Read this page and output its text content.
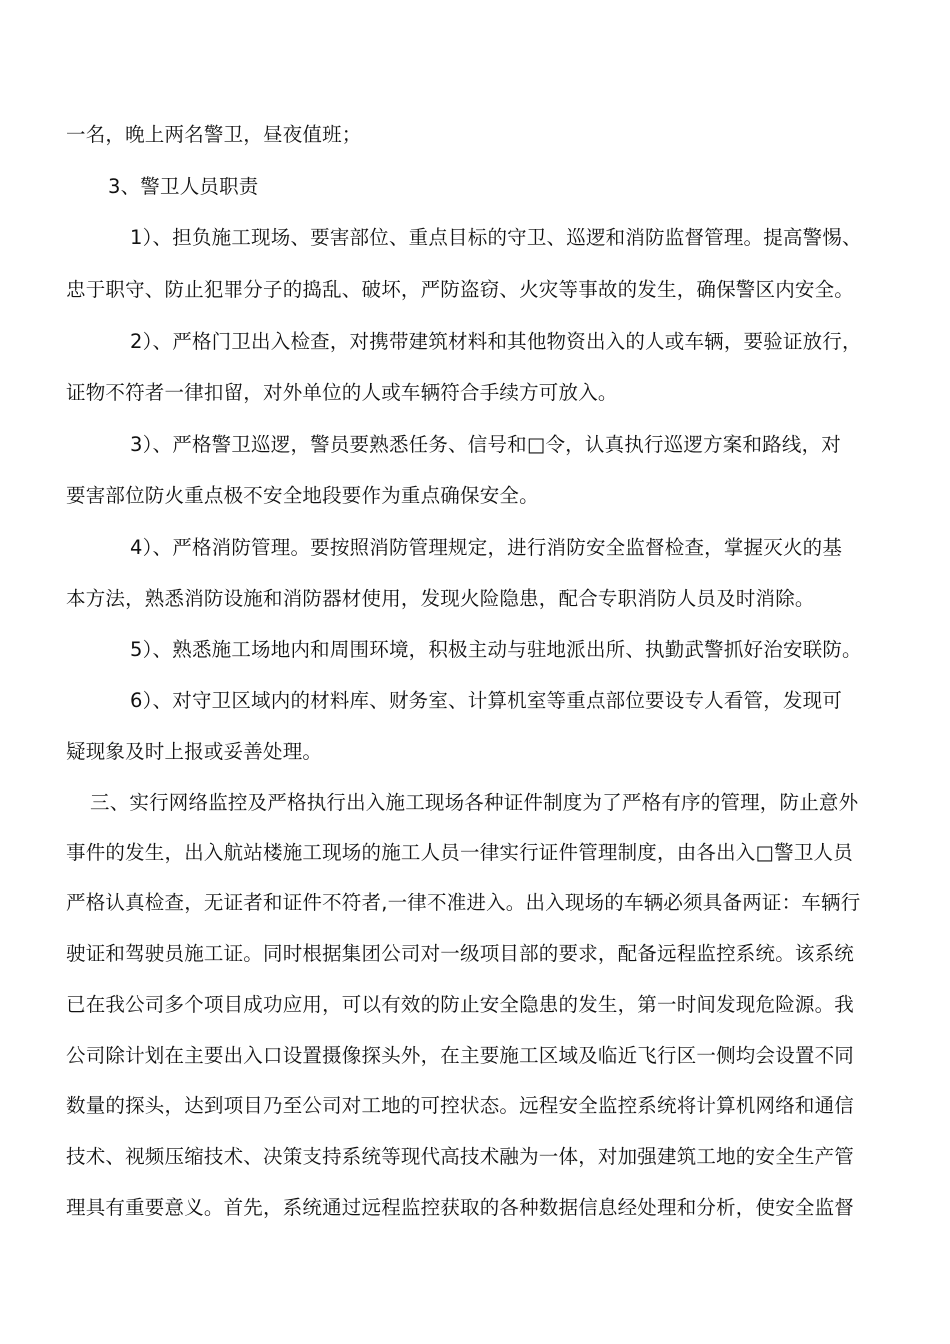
一名，晚上两名警卫，昼夜值班；
3、警卫人员职责
1）、担负施工现场、要害部位、重点目标的守卫、巡逻和消防监督管理。提高警惕、
忠于职守、防止犯罪分子的捣乱、破坏，严防盗窃、火灾等事故的发生，确保警区内安全。
2）、严格门卫出入检查，对携带建筑材料和其他物资出入的人或车辆，要验证放行，
证物不符者一律扣留，对外单位的人或车辆符合手续方可放入。
3）、严格警卫巡逻，警员要熟悉任务、信号和□令，认真执行巡逻方案和路线，对
要害部位防火重点极不安全地段要作为重点确保安全。
4）、严格消防管理。要按照消防管理规定，进行消防安全监督检查，掌握灭火的基
本方法，熟悉消防设施和消防器材使用，发现火险隐患，配合专职消防人员及时消除。
5）、熟悉施工场地内和周围环境，积极主动与驻地派出所、执勤武警抓好治安联防。
6）、对守卫区域内的材料库、财务室、计算机室等重点部位要设专人看管，发现可
疑现象及时上报或妥善处理。
三、实行网络监控及严格执行出入施工现场各种证件制度为了严格有序的管理，防止意外
事件的发生，出入航站楼施工现场的施工人员一律实行证件管理制度，由各出入□警卫人员
严格认真检查，无证者和证件不符者,一律不准进入。出入现场的车辆必须具备两证：车辆行
驶证和驾驶员施工证。同时根据集团公司对一级项目部的要求，配备远程监控系统。该系统
已在我公司多个项目成功应用，可以有效的防止安全隐患的发生，第一时间发现危险源。我
公司除计划在主要出入口设置摄像探头外，在主要施工区域及临近飞行区一侧均会设置不同
数量的探头，达到项目乃至公司对工地的可控状态。远程安全监控系统将计算机网络和通信
技术、视频压缩技术、决策支持系统等现代高技术融为一体，对加强建筑工地的安全生产管
理具有重要意义。首先，系统通过远程监控获取的各种数据信息经处理和分析，使安全监督
